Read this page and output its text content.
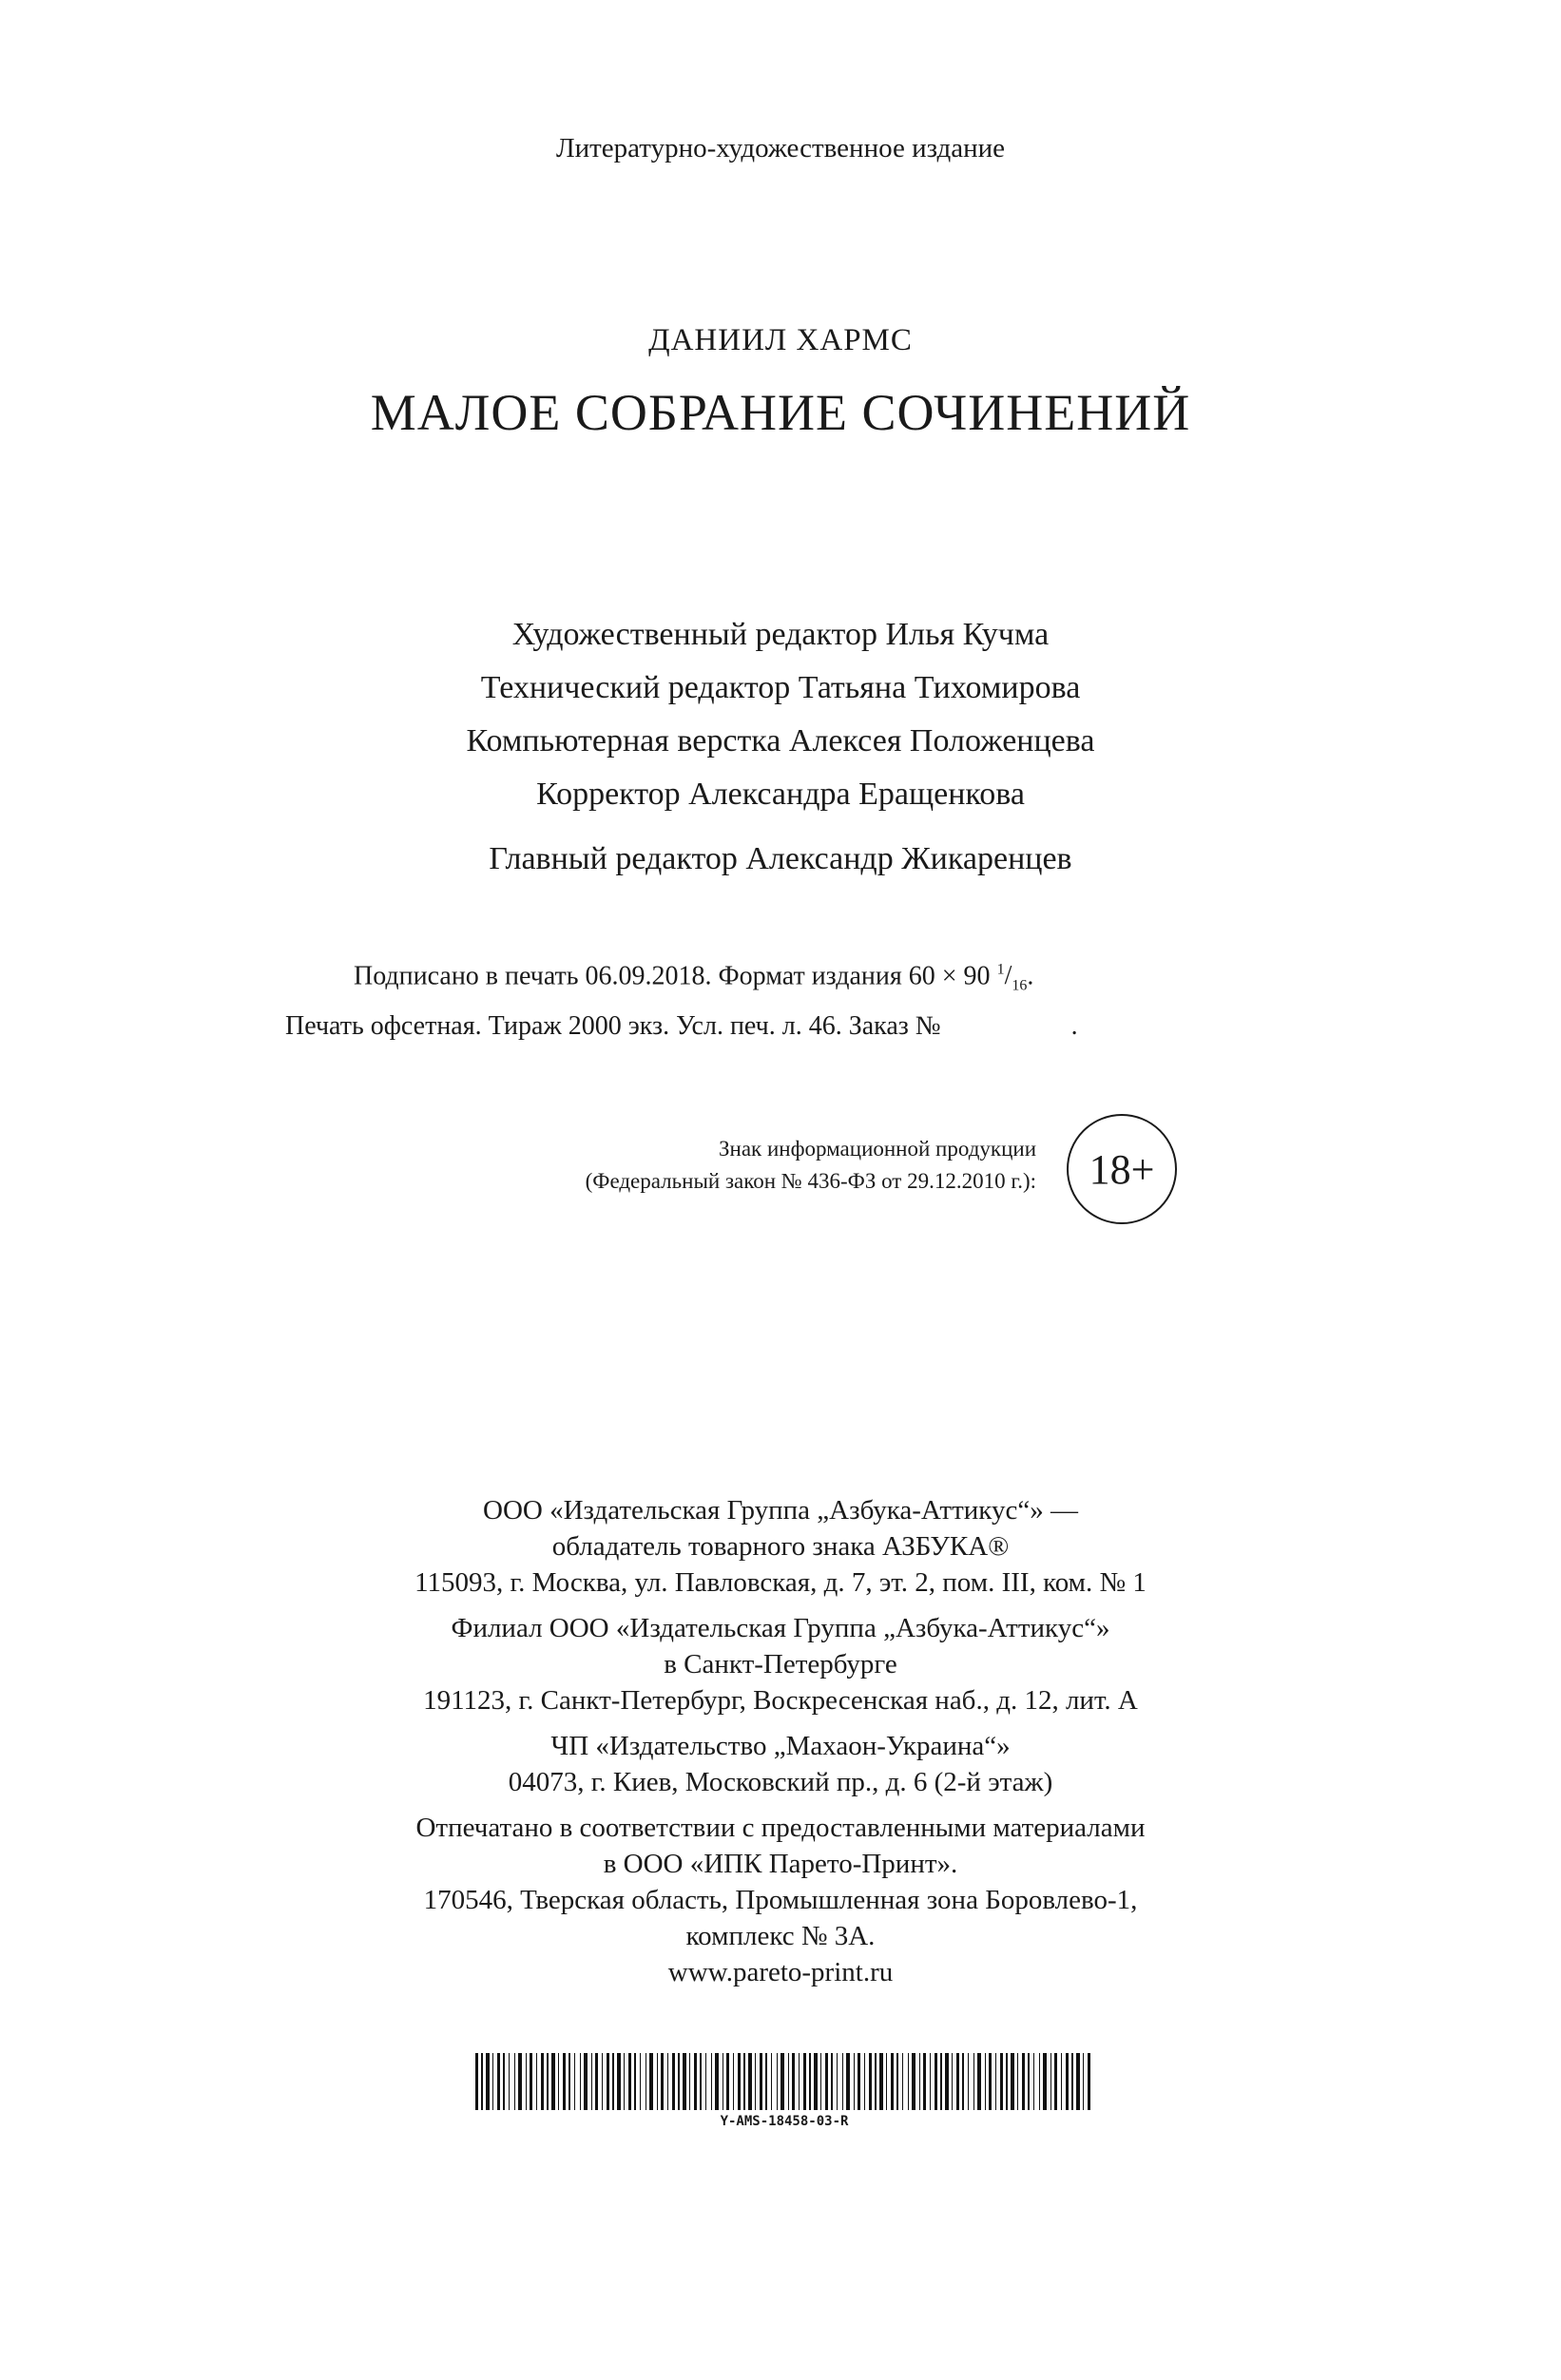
Литературно-художественное издание
ДАНИИЛ ХАРМС
МАЛОЕ СОБРАНИЕ СОЧИНЕНИЙ
Художественный редактор Илья Кучма
Технический редактор Татьяна Тихомирова
Компьютерная верстка Алексея Положенцева
Корректор Александра Еращенкова
Главный редактор Александр Жикаренцев
Подписано в печать 06.09.2018. Формат издания 60 × 90 $^1/_{16}$.
Печать офсетная. Тираж 2000 экз. Усл. печ. л. 46. Заказ №	.
Знак информационной продукции
(Федеральный закон № 436-ФЗ от 29.12.2010 г.):	18+
ООО «Издательская Группа „Азбука-Аттикус“» —
обладатель товарного знака АЗБУКА®
115093, г. Москва, ул. Павловская, д. 7, эт. 2, пом. III, ком. № 1
Филиал ООО «Издательская Группа „Азбука-Аттикус“»
в Санкт-Петербурге
191123, г. Санкт-Петербург, Воскресенская наб., д. 12, лит. А
ЧП «Издательство „Махаон-Украина“»
04073, г. Киев, Московский пр., д. 6 (2-й этаж)
Отпечатано в соответствии с предоставленными материалами
в ООО «ИПК Парето-Принт».
170546, Тверская область, Промышленная зона Боровлево-1,
комплекс № 3А.
www.pareto-print.ru
Y-AMS-18458-03-R
